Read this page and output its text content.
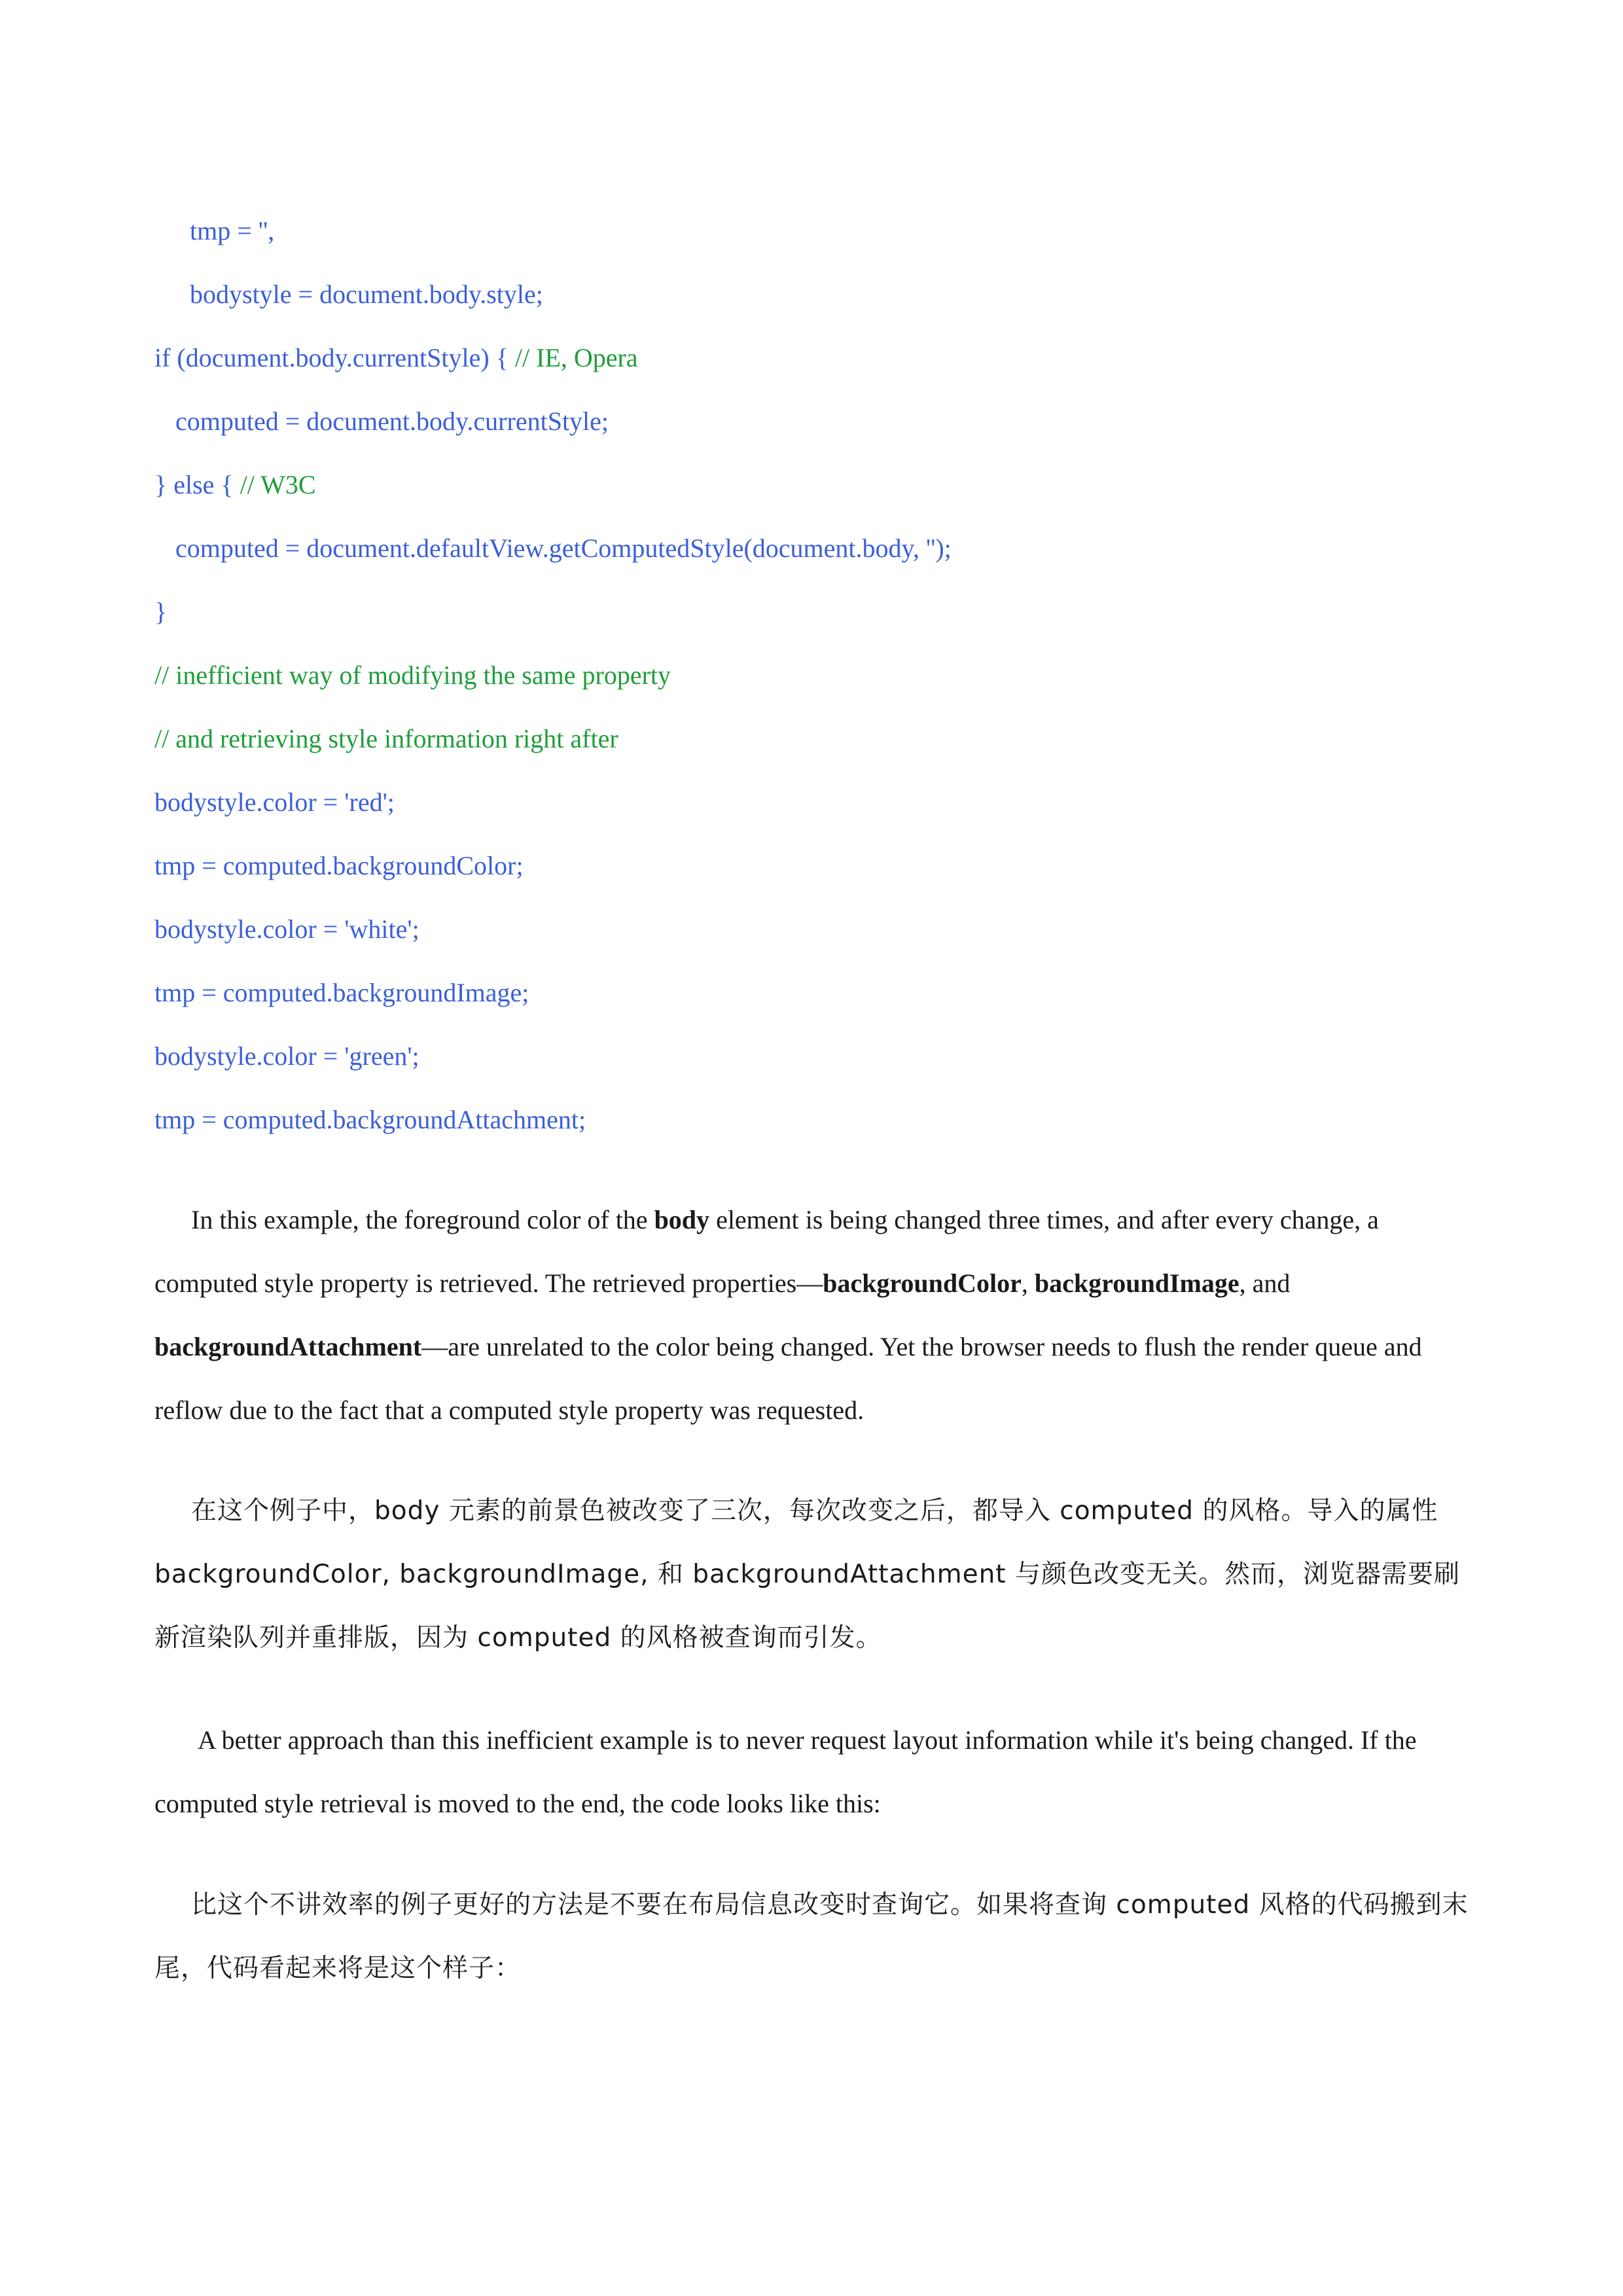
tmp = '',
bodystyle = document.body.style;
if (document.body.currentStyle) { // IE, Opera
computed = document.body.currentStyle;
} else { // W3C
computed = document.defaultView.getComputedStyle(document.body, '');
}
// inefficient way of modifying the same property
// and retrieving style information right after
bodystyle.color = 'red';
tmp = computed.backgroundColor;
bodystyle.color = 'white';
tmp = computed.backgroundImage;
bodystyle.color = 'green';
tmp = computed.backgroundAttachment;

In this example, the foreground color of the body element is being changed three times, and after every change, a computed style property is retrieved. The retrieved properties—backgroundColor, backgroundImage, and backgroundAttachment—are unrelated to the color being changed. Yet the browser needs to flush the render queue and reflow due to the fact that a computed style property was requested.

在这个例子中，body 元素的前景色被改变了三次，每次改变之后，都导入 computed 的风格。导入的属性 backgroundColor, backgroundImage, 和 backgroundAttachment 与颜色改变无关。然而，浏览器需要刷新渲染队列并重排版，因为 computed 的风格被查询而引发。

A better approach than this inefficient example is to never request layout information while it's being changed. If the computed style retrieval is moved to the end, the code looks like this:

比这个不讲效率的例子更好的方法是不要在布局信息改变时查询它。如果将查询 computed 风格的代码搬到末尾，代码看起来将是这个样子：
